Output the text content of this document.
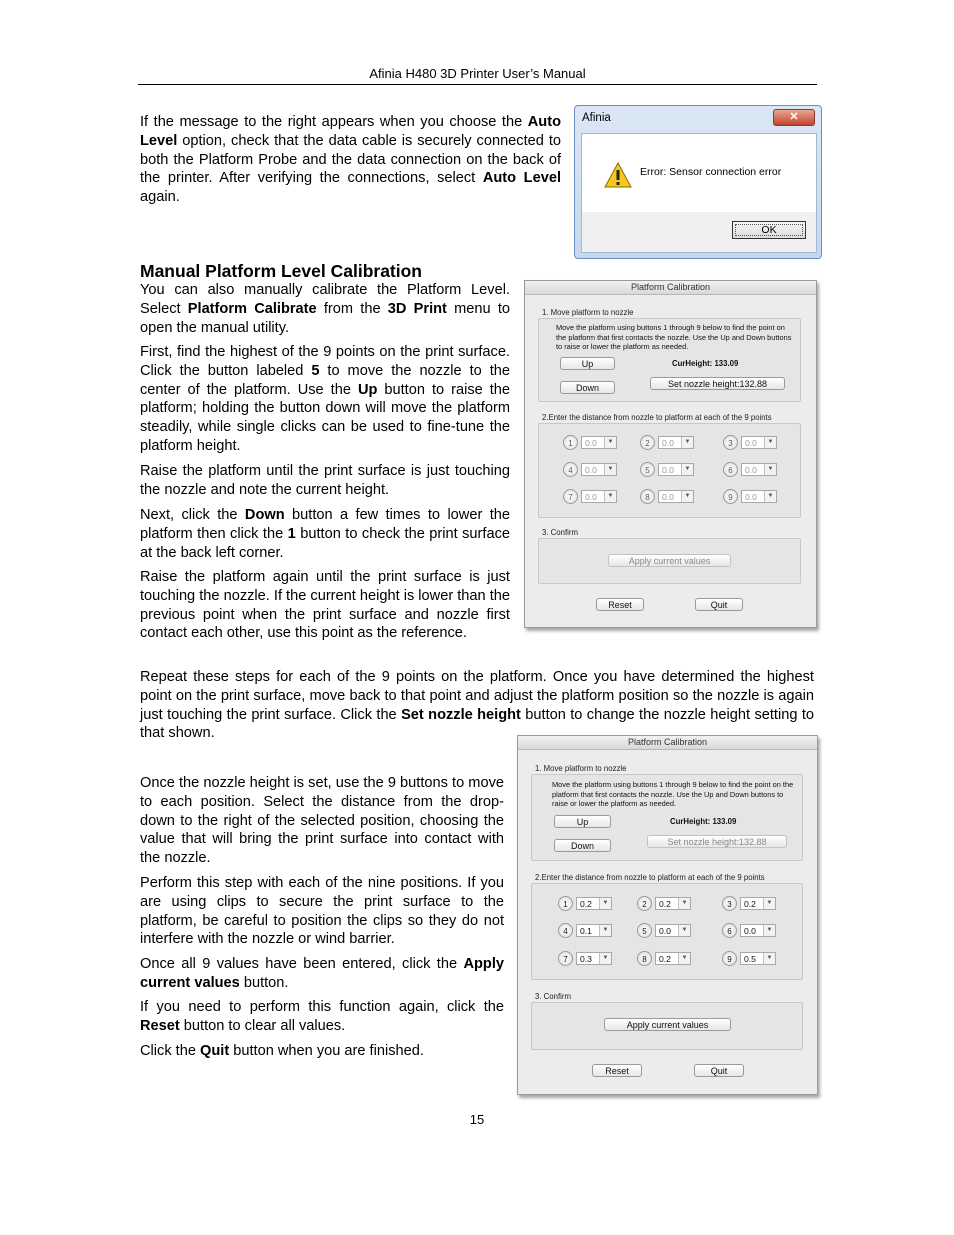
Afinia H480 3D Printer User’s Manual

If the message to the right appears when you choose the Auto Level option, check that the data cable is securely connected to both the Platform Probe and the data connection on the back of the printer. After verifying the connections, select Auto Level again.

Afinia	✕
Error: Sensor connection error
OK
Manual Platform Level Calibration

You can also manually calibrate the Platform Level. Select Platform Calibrate from the 3D Print menu to open the manual utility.

First, find the highest of the 9 points on the print surface. Click the button labeled 5 to move the nozzle to the center of the platform. Use the Up button to raise the platform; holding the button down will move the platform steadily, while single clicks can be used to fine-tune the platform height.

Raise the platform until the print surface is just touching the nozzle and note the current height.

Next, click the Down button a few times to lower the platform then click the 1 button to check the print surface at the back left corner.

Raise the platform again until the print surface is just touching the nozzle. If the current height is lower than the previous point when the print surface and nozzle first contact each other, use this point as the reference.

Repeat these steps for each of the 9 points on the platform. Once you have determined the highest point on the print surface, move back to that point and adjust the platform position so the nozzle is again just touching the print surface. Click the Set nozzle height button to change the nozzle height setting to that shown.

Once the nozzle height is set, use the 9 buttons to move to each position. Select the distance from the drop-down to the right of the selected position, choosing the value that will bring the print surface into contact with the nozzle.

Perform this step with each of the nine positions. If you are using clips to secure the print surface to the platform, be careful to position the clips so they do not interfere with the nozzle or wind barrier.

Once all 9 values have been entered, click the Apply current values button.

If you need to perform this function again, click the Reset button to clear all values.

Click the Quit button when you are finished.

Platform Calibration
1. Move platform to nozzle
Move the platform using buttons 1 through 9 below to find the point on the platform that first contacts the nozzle. Use the Up and Down buttons to raise or lower the platform as needed.
Up	CurHeight: 133.09
Down	Set nozzle height:132.88
2.Enter the distance from nozzle to platform at each of the 9 points
1	0.0	▼	2	0.0	▼	3	0.0	▼
4	0.0	▼	5	0.0	▼	6	0.0	▼
7	0.0	▼	8	0.0	▼	9	0.0	▼
3. Confirm
Apply current values
Reset	Quit
Platform Calibration
1. Move platform to nozzle
Move the platform using buttons 1 through 9 below to find the point on the platform that first contacts the nozzle. Use the Up and Down buttons to raise or lower the platform as needed.
Up	CurHeight: 133.09
Down	Set nozzle height:132.88
2.Enter the distance from nozzle to platform at each of the 9 points
1	0.2	▼	2	0.2	▼	3	0.2	▼
4	0.1	▼	5	0.0	▼	6	0.0	▼
7	0.3	▼	8	0.2	▼	9	0.5	▼
3. Confirm
Apply current values
Reset	Quit
15
